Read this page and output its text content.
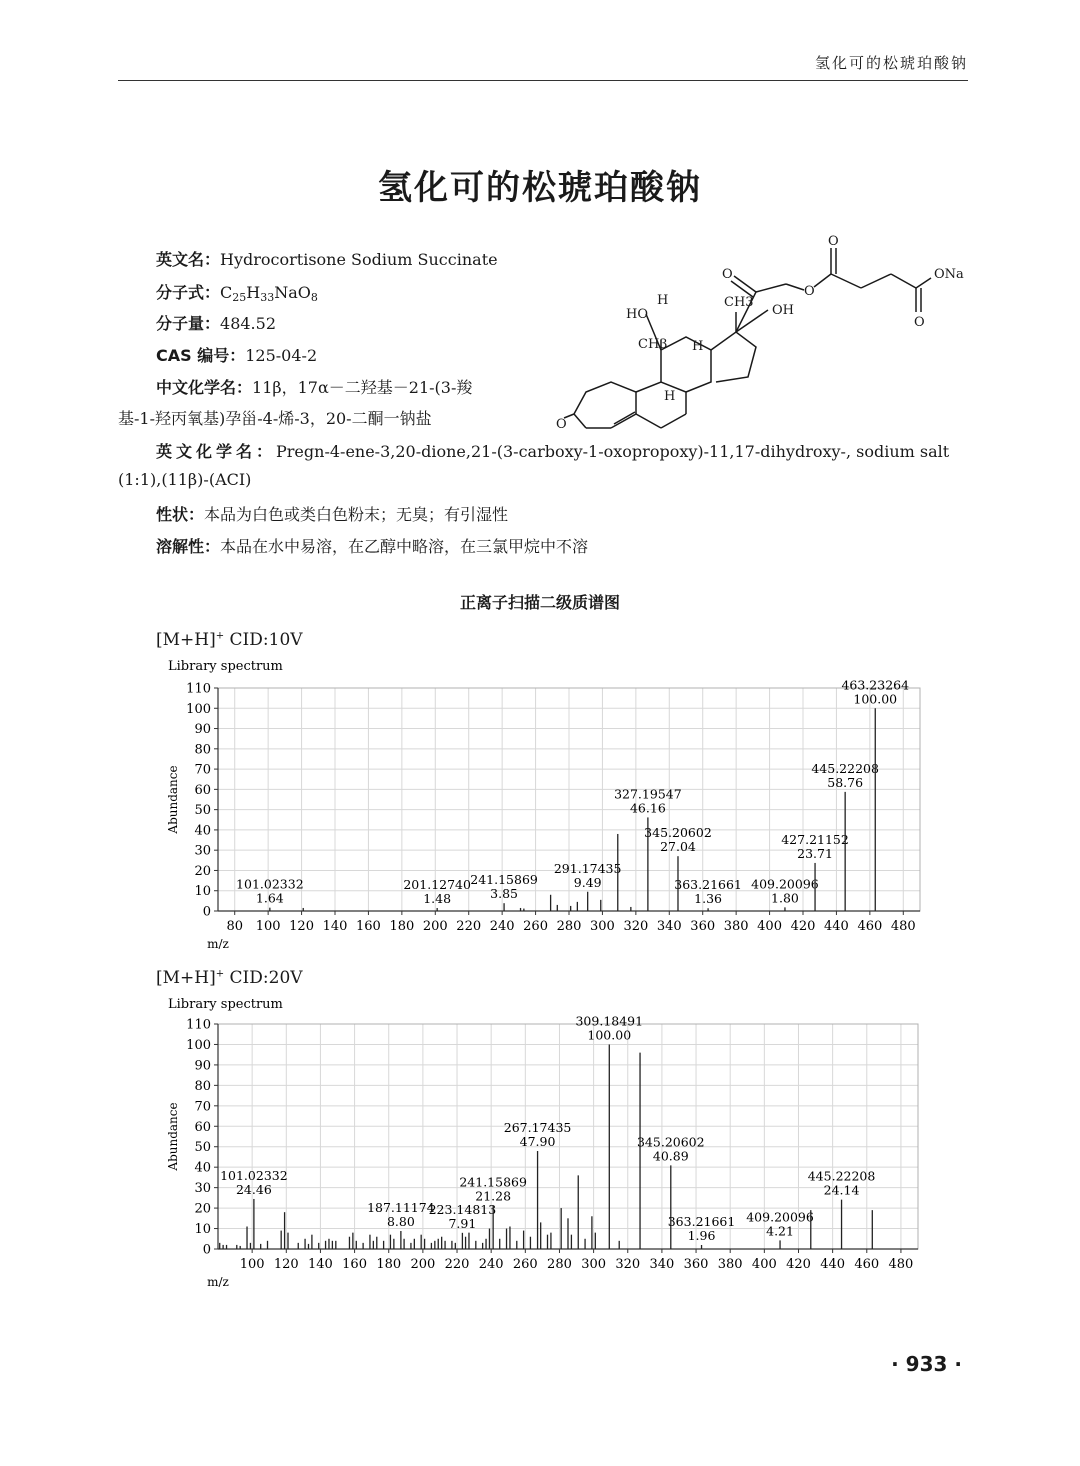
氢化可的松琥珀酸钠
氢化可的松琥珀酸钠
英文名：Hydrocortisone Sodium Succinate
分子式：C25H33NaO8
分子量：484.52
CAS 编号：125-04-2
中文化学名：11β，17α－二羟基－21-(3-羧
基-1-羟丙氧基)孕甾-4-烯-3，20-二酮一钠盐
英文化学名：Pregn-4-ene-3,20-dione,21-(3-carboxy-1-oxopropoxy)-11,17-dihydroxy-, sodium salt
(1:1),(11β)-(ACI)
性状：本品为白色或类白色粉末；无臭；有引湿性
溶解性：本品在水中易溶，在乙醇中略溶，在三氯甲烷中不溶
O
O
O
ONa
O
HO
H	CH3
OH
CH3 H
H
O
正离子扫描二级质谱图
[M+H]+ CID:10V
Library spectrum
Abundance
0
10
20
30
40
50
60
70
80
90
100
110
80 100 120 140 160 180 200 220 240 260 280 300 320 340 360 380 400 420 440 460 480
m/z
101.02332
1.64
201.12740
1.48
241.15869
3.85
291.17435
9.49
327.19547
46.16
345.20602
27.04
363.21661
1.36
409.20096
1.80
427.21152
23.71
445.22208
58.76
463.23264
100.00
[M+H]+ CID:20V
Library spectrum
Abundance
0
10
20
30
40
50
60
70
80
90
100
110
100 120 140 160 180 200 220 240 260 280 300 320 340 360 380 400 420 440 460 480
m/z
101.02332
24.46
187.11174
8.80
223.14813
7.91
241.15869
21.28
267.17435
47.90
309.18491
100.00
345.20602
40.89
363.21661
1.96
409.20096
4.21
445.22208
24.14
· 933 ·
